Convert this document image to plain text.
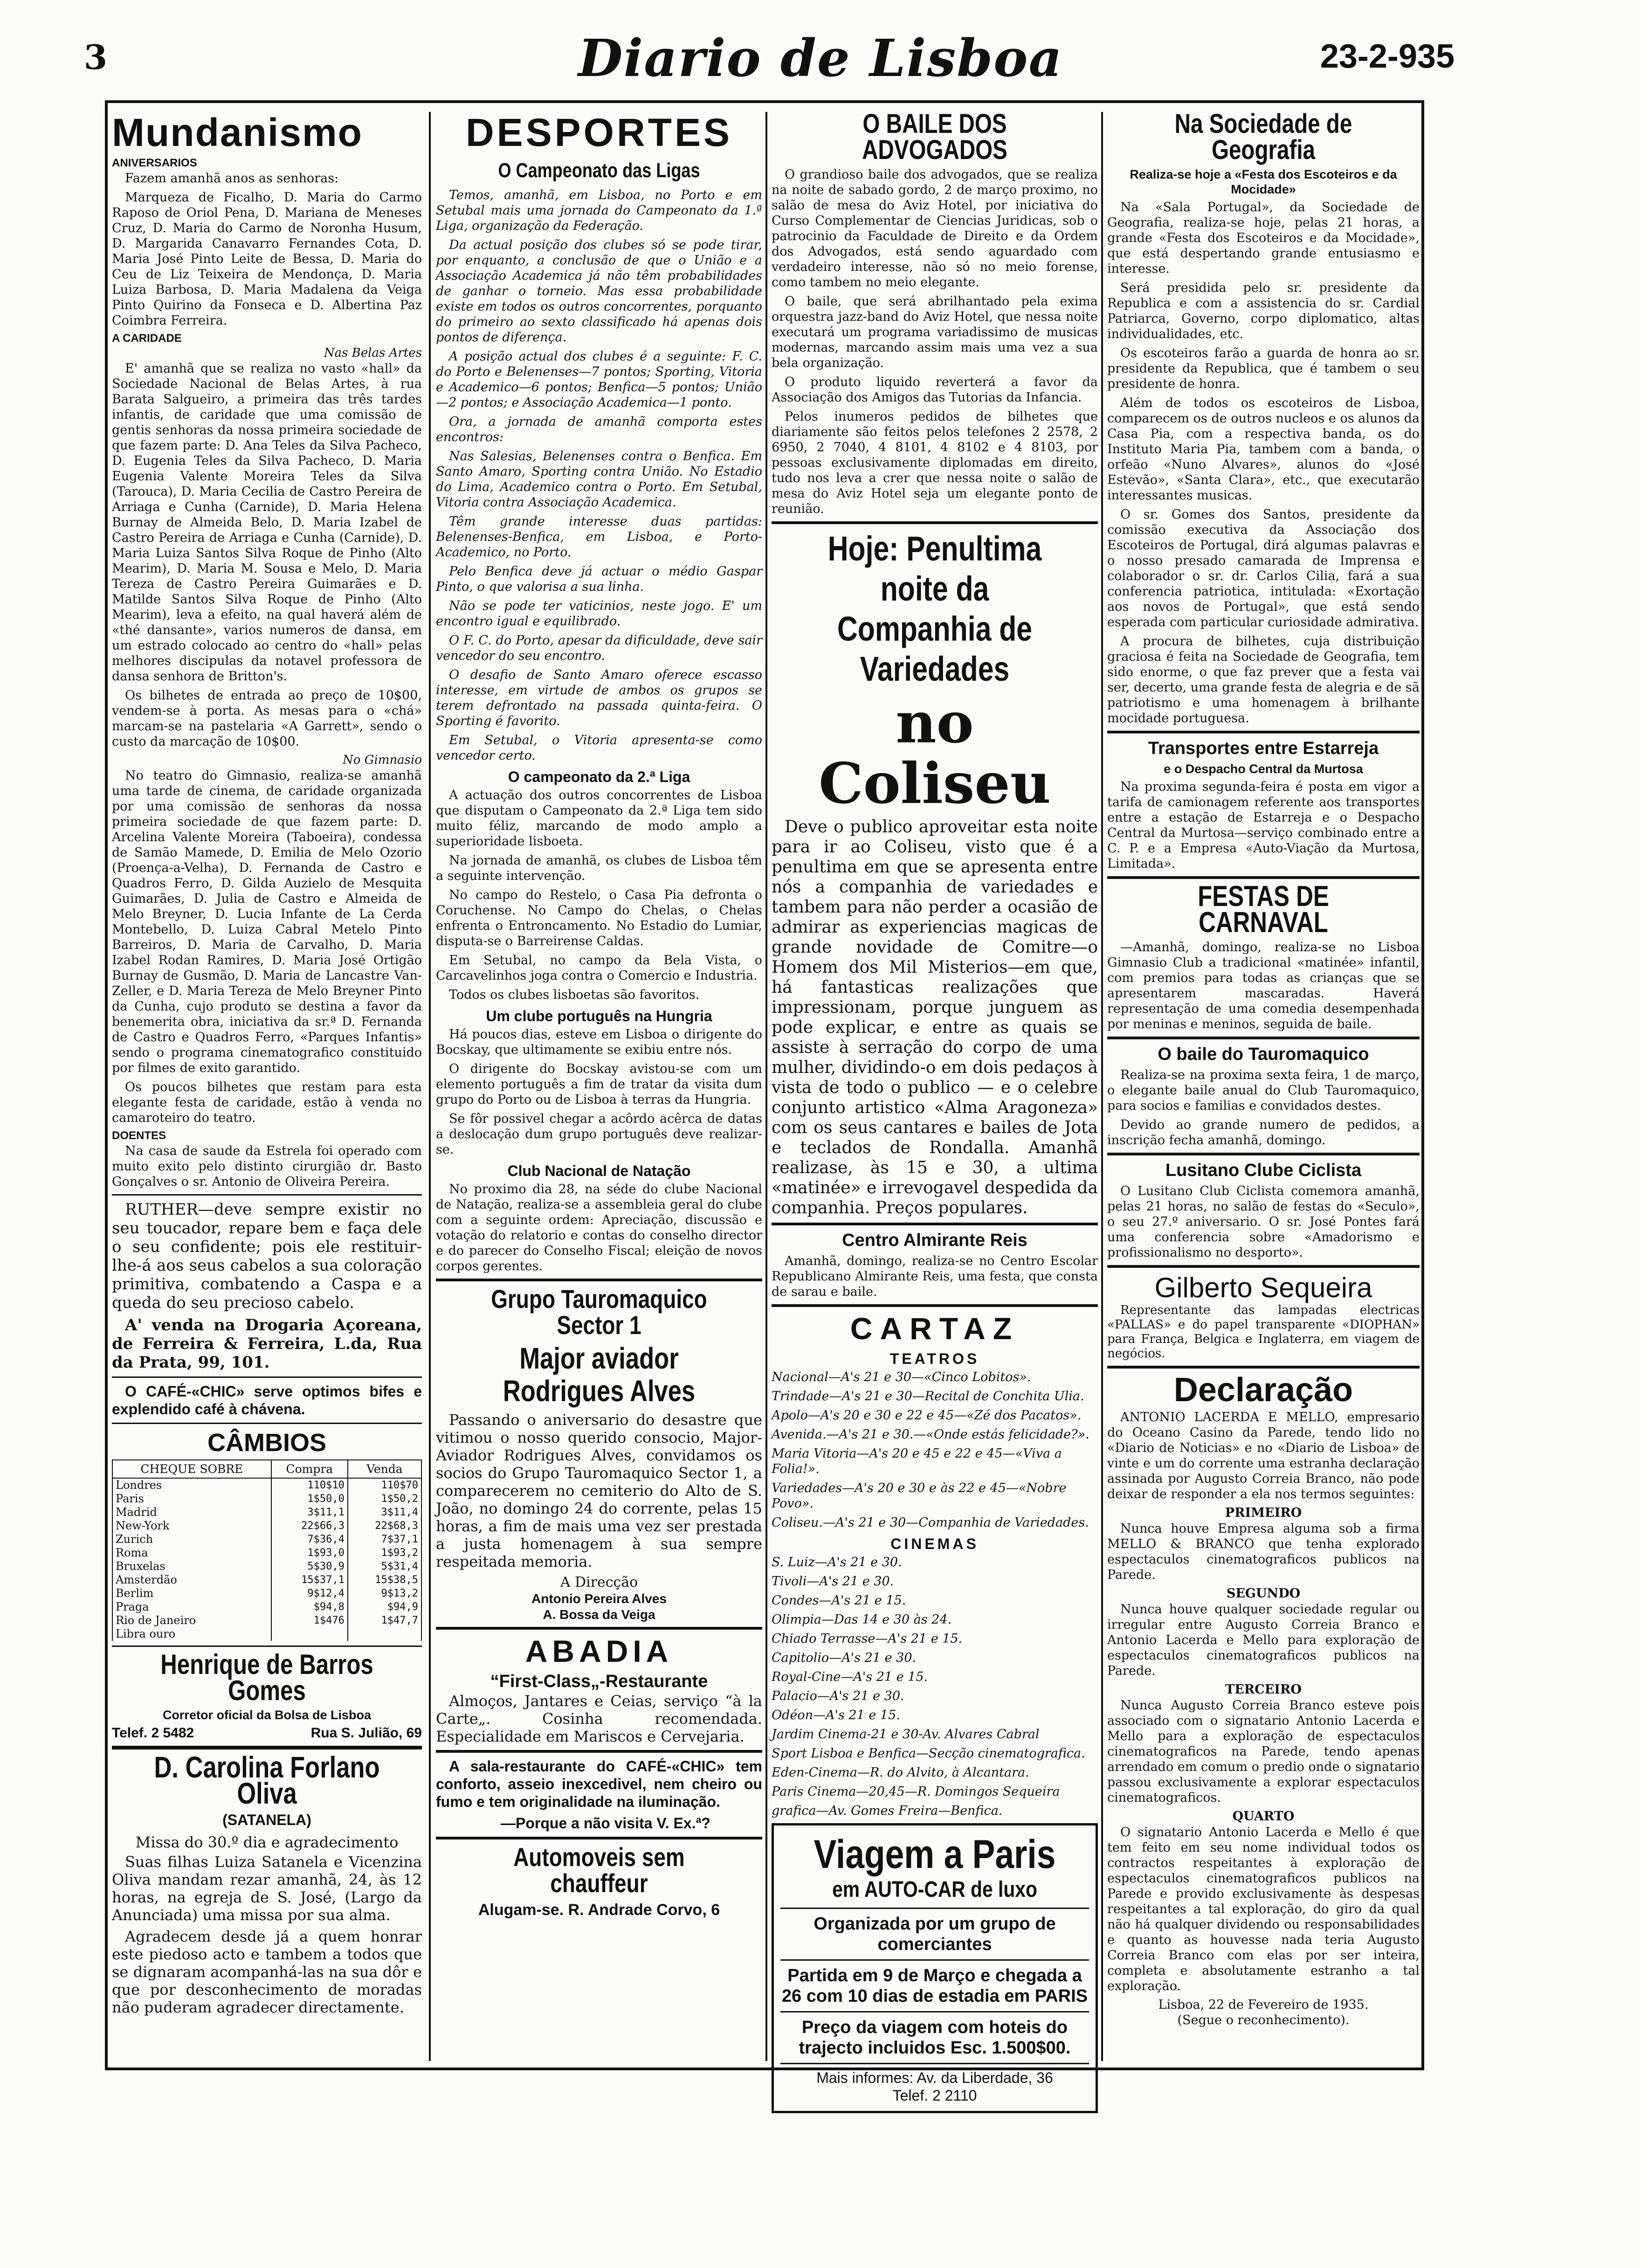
3	Diario de Lisboa	23-2-935
Mundanismo
ANIVERSARIOS

Fazem amanhã anos as senhoras:

Marqueza de Ficalho, D. Maria do Carmo Raposo de Oriol Pena, D. Mariana de Meneses Cruz, D. Maria do Carmo de Noronha Husum, D. Margarida Canavarro Fernandes Cota, D. Maria José Pinto Leite de Bessa, D. Maria do Ceu de Liz Teixeira de Mendonça, D. Maria Luiza Barbosa, D. Maria Madalena da Veiga Pinto Quirino da Fonseca e D. Albertina Paz Coimbra Ferreira.

A CARIDADE
Nas Belas Artes

E' amanhã que se realiza no vasto «hall» da Sociedade Nacional de Belas Artes, à rua Barata Salgueiro, a primeira das três tardes infantis, de caridade que uma comissão de gentis senhoras da nossa primeira sociedade de que fazem parte: D. Ana Teles da Silva Pacheco, D. Eugenia Teles da Silva Pacheco, D. Maria Eugenia Valente Moreira Teles da Silva (Tarouca), D. Maria Cecilia de Castro Pereira de Arriaga e Cunha (Carnide), D. Maria Helena Burnay de Almeida Belo, D. Maria Izabel de Castro Pereira de Arriaga e Cunha (Carnide), D. Maria Luiza Santos Silva Roque de Pinho (Alto Mearim), D. Maria M. Sousa e Melo, D. Maria Tereza de Castro Pereira Guimarães e D. Matilde Santos Silva Roque de Pinho (Alto Mearim), leva a efeito, na qual haverá além de «thé dansante», varios numeros de dansa, em um estrado colocado ao centro do «hall» pelas melhores discipulas da notavel professora de dansa senhora de Britton's.

Os bilhetes de entrada ao preço de 10$00, vendem-se à porta. As mesas para o «chá» marcam-se na pastelaria «A Garrett», sendo o custo da marcação de 10$00.

No Gimnasio

No teatro do Gimnasio, realiza-se amanhã uma tarde de cinema, de caridade organizada por uma comissão de senhoras da nossa primeira sociedade de que fazem parte: D. Arcelina Valente Moreira (Taboeira), condessa de Samão Mamede, D. Emilia de Melo Ozorio (Proença-a-Velha), D. Fernanda de Castro e Quadros Ferro, D. Gilda Auzielo de Mesquita Guimarães, D. Julia de Castro e Almeida de Melo Breyner, D. Lucia Infante de La Cerda Montebello, D. Luiza Cabral Metelo Pinto Barreiros, D. Maria de Carvalho, D. Maria Izabel Rodan Ramires, D. Maria José Ortigão Burnay de Gusmão, D. Maria de Lancastre Van-Zeller, e D. Maria Tereza de Melo Breyner Pinto da Cunha, cujo produto se destina a favor da benemerita obra, iniciativa da sr.ª D. Fernanda de Castro e Quadros Ferro, «Parques Infantis» sendo o programa cinematografico constituido por filmes de exito garantido.

Os poucos bilhetes que restam para esta elegante festa de caridade, estão à venda no camaroteiro do teatro.

DOENTES

Na casa de saude da Estrela foi operado com muito exito pelo distinto cirurgião dr. Basto Gonçalves o sr. Antonio de Oliveira Pereira.

RUTHER—deve sempre existir no seu toucador, repare bem e faça dele o seu confidente; pois ele restituir-lhe-á aos seus cabelos a sua coloração primitiva, combatendo a Caspa e a queda do seu precioso cabelo.

A' venda na Drogaria Açoreana, de Ferreira & Ferreira, L.da, Rua da Prata, 99, 101.

O CAFÉ-«CHIC» serve optimos bifes e explendido café à chávena.

CÂMBIOS
CHEQUE SOBRE	Compra	Venda
Londres	110$10	110$70
Paris	1$50,0	1$50,2
Madrid	3$11,1	3$11,4
New-York	22$66,3	22$68,3
Zurich	7$36,4	7$37,1
Roma	1$93,0	1$93,2
Bruxelas	5$30,9	5$31,4
Amsterdão	15$37,1	15$38,5
Berlim	9$12,4	9$13,2
Praga	$94,8	$94,9
Rio de Janeiro	1$476	1$47,7
Libra ouro		
Henrique de Barros Gomes
Corretor oficial da Bolsa de Lisboa
Telef. 2 5482	Rua S. Julião, 69
D. Carolina Forlano Oliva
(SATANELA)
Missa do 30.º dia e agradecimento

Suas filhas Luiza Satanela e Vicenzina Oliva mandam rezar amanhã, 24, às 12 horas, na egreja de S. José, (Largo da Anunciada) uma missa por sua alma.

Agradecem desde já a quem honrar este piedoso acto e tambem a todos que se dignaram acompanhá-las na sua dôr e que por desconhecimento de moradas não puderam agradecer directamente.

DESPORTES
O Campeonato das Ligas

Temos, amanhã, em Lisboa, no Porto e em Setubal mais uma jornada do Campeonato da 1.ª Liga, organização da Federação.

Da actual posição dos clubes só se pode tirar, por enquanto, a conclusão de que o União e a Associação Academica já não têm probabilidades de ganhar o torneio. Mas essa probabilidade existe em todos os outros concorrentes, porquanto do primeiro ao sexto classificado há apenas dois pontos de diferença.

A posição actual dos clubes é a seguinte: F. C. do Porto e Belenenses—7 pontos; Sporting, Vitoria e Academico—6 pontos; Benfica—5 pontos; União—2 pontos; e Associação Academica—1 ponto.

Ora, a jornada de amanhã comporta estes encontros:

Nas Salesias, Belenenses contra o Benfica. Em Santo Amaro, Sporting contra União. No Estadio do Lima, Academico contra o Porto. Em Setubal, Vitoria contra Associação Academica.

Têm grande interesse duas partidas: Belenenses-Benfica, em Lisboa, e Porto-Academico, no Porto.

Pelo Benfica deve já actuar o médio Gaspar Pinto, o que valorisa a sua linha.

Não se pode ter vaticinios, neste jogo. E' um encontro igual e equilibrado.

O F. C. do Porto, apesar da dificuldade, deve sair vencedor do seu encontro.

O desafio de Santo Amaro oferece escasso interesse, em virtude de ambos os grupos se terem defrontado na passada quinta-feira. O Sporting é favorito.

Em Setubal, o Vitoria apresenta-se como vencedor certo.

O campeonato da 2.ª Liga

A actuação dos outros concorrentes de Lisboa que disputam o Campeonato da 2.ª Liga tem sido muito féliz, marcando de modo amplo a superioridade lisboeta.

Na jornada de amanhã, os clubes de Lisboa têm a seguinte intervenção.

No campo do Restelo, o Casa Pia defronta o Coruchense. No Campo do Chelas, o Chelas enfrenta o Entroncamento. No Estadio do Lumiar, disputa-se o Barreirense Caldas.

Em Setubal, no campo da Bela Vista, o Carcavelinhos joga contra o Comercio e Industria.

Todos os clubes lisboetas são favoritos.

Um clube português na Hungria

Há poucos dias, esteve em Lisboa o dirigente do Bocskay, que ultimamente se exibiu entre nós.

O dirigente do Bocskay avistou-se com um elemento português a fim de tratar da visita dum grupo do Porto ou de Lisboa à terras da Hungria.

Se fôr possivel chegar a acôrdo acêrca de datas a deslocação dum grupo português deve realizar-se.

Club Nacional de Natação

No proximo dia 28, na séde do clube Nacional de Natação, realiza-se a assembleia geral do clube com a seguinte ordem: Apreciação, discussão e votação do relatorio e contas do conselho director e do parecer do Conselho Fiscal; eleição de novos corpos gerentes.

Grupo Tauromaquico Sector 1
Major aviador Rodrigues Alves

Passando o aniversario do desastre que vitimou o nosso querido consocio, Major-Aviador Rodrigues Alves, convidamos os socios do Grupo Tauromaquico Sector 1, a comparecerem no cemiterio do Alto de S. João, no domingo 24 do corrente, pelas 15 horas, a fim de mais uma vez ser prestada a justa homenagem à sua sempre respeitada memoria.

A Direcção
Antonio Pereira Alves
A. Bossa da Veiga
ABADIA
“First-Class„-Restaurante

Almoços, Jantares e Ceias, serviço “à la Carte„. Cosinha recomendada. Especialidade em Mariscos e Cervejaria.

A sala-restaurante do CAFÉ-«CHIC» tem conforto, asseio inexcedivel, nem cheiro ou fumo e tem originalidade na iluminação.

—Porque a não visita V. Ex.ª?

Automoveis sem chauffeur
Alugam-se. R. Andrade Corvo, 6
O BAILE DOS ADVOGADOS

O grandioso baile dos advogados, que se realiza na noite de sabado gordo, 2 de março proximo, no salão de mesa do Aviz Hotel, por iniciativa do Curso Complementar de Ciencias Juridicas, sob o patrocinio da Faculdade de Direito e da Ordem dos Advogados, está sendo aguardado com verdadeiro interesse, não só no meio forense, como tambem no meio elegante.

O baile, que será abrilhantado pela exima orquestra jazz-band do Aviz Hotel, que nessa noite executará um programa variadissimo de musicas modernas, marcando assim mais uma vez a sua bela organização.

O produto liquido reverterá a favor da Associação dos Amigos das Tutorias da Infancia.

Pelos inumeros pedidos de bilhetes que diariamente são feitos pelos telefones 2 2578, 2 6950, 2 7040, 4 8101, 4 8102 e 4 8103, por pessoas exclusivamente diplomadas em direito, tudo nos leva a crer que nessa noite o salão de mesa do Aviz Hotel seja um elegante ponto de reunião.

Hoje: Penultima noite da Companhia de Variedades
no Coliseu

Deve o publico aproveitar esta noite para ir ao Coliseu, visto que é a penultima em que se apresenta entre nós a companhia de variedades e tambem para não perder a ocasião de admirar as experiencias magicas de grande novidade de Comitre—o Homem dos Mil Misterios—em que, há fantasticas realizações que impressionam, porque junguem as pode explicar, e entre as quais se assiste à serração do corpo de uma mulher, dividindo-o em dois pedaços à vista de todo o publico — e o celebre conjunto artistico «Alma Aragoneza» com os seus cantares e bailes de Jota e teclados de Rondalla. Amanhã realizase, às 15 e 30, a ultima «matinée» e irrevogavel despedida da companhia. Preços populares.

Centro Almirante Reis

Amanhã, domingo, realiza-se no Centro Escolar Republicano Almirante Reis, uma festa, que consta de sarau e baile.

CARTAZ
TEATROS

Nacional—A's 21 e 30—«Cinco Lobitos».

Trindade—A's 21 e 30—Recital de Conchita Ulia.

Apolo—A's 20 e 30 e 22 e 45—«Zé dos Pacatos».

Avenida.—A's 21 e 30.—«Onde estás felicidade?».

Maria Vitoria—A's 20 e 45 e 22 e 45—«Viva a Folia!».

Variedades—A's 20 e 30 e às 22 e 45—«Nobre Povo».

Coliseu.—A's 21 e 30—Companhia de Variedades.

CINEMAS

S. Luiz—A's 21 e 30.

Tivoli—A's 21 e 30.

Condes—A's 21 e 15.

Olimpia—Das 14 e 30 às 24.

Chiado Terrasse—A's 21 e 15.

Capitolio—A's 21 e 30.

Royal-Cine—A's 21 e 15.

Palacio—A's 21 e 30.

Odéon—A's 21 e 15.

Jardim Cinema-21 e 30-Av. Alvares Cabral

Sport Lisboa e Benfica—Secção cinematografica.

Eden-Cinema—R. do Alvito, à Alcantara.

Paris Cinema—20,45—R. Domingos Sequeira

grafica—Av. Gomes Freira—Benfica.

Viagem a Paris
em AUTO-CAR de luxo
Organizada por um grupo de comerciantes
Partida em 9 de Março e chegada a 26 com 10 dias de estadia em PARIS
Preço da viagem com hoteis do trajecto incluidos Esc. 1.500$00.
Mais informes: Av. da Liberdade, 36
Telef. 2 2110
Na Sociedade de Geografia
Realiza-se hoje a «Festa dos Escoteiros e da Mocidade»

Na «Sala Portugal», da Sociedade de Geografia, realiza-se hoje, pelas 21 horas, a grande «Festa dos Escoteiros e da Mocidade», que está despertando grande entusiasmo e interesse.

Será presidida pelo sr. presidente da Republica e com a assistencia do sr. Cardial Patriarca, Governo, corpo diplomatico, altas individualidades, etc.

Os escoteiros farão a guarda de honra ao sr. presidente da Republica, que é tambem o seu presidente de honra.

Além de todos os escoteiros de Lisboa, comparecem os de outros nucleos e os alunos da Casa Pia, com a respectiva banda, os do Instituto Maria Pia, tambem com a banda, o orfeão «Nuno Alvares», alunos do «José Estevão», «Santa Clara», etc., que executarão interessantes musicas.

O sr. Gomes dos Santos, presidente da comissão executiva da Associação dos Escoteiros de Portugal, dirá algumas palavras e o nosso presado camarada de Imprensa e colaborador o sr. dr. Carlos Cilia, fará a sua conferencia patriotica, intitulada: «Exortação aos novos de Portugal», que está sendo esperada com particular curiosidade admirativa.

A procura de bilhetes, cuja distribuição graciosa é feita na Sociedade de Geografia, tem sido enorme, o que faz prever que a festa vai ser, decerto, uma grande festa de alegria e de sã patriotismo e uma homenagem à brilhante mocidade portuguesa.

Transportes entre Estarreja
e o Despacho Central da Murtosa

Na proxima segunda-feira é posta em vigor a tarifa de camionagem referente aos transportes entre a estação de Estarreja e o Despacho Central da Murtosa—serviço combinado entre a C. P. e a Empresa «Auto-Viação da Murtosa, Limitada».

FESTAS DE CARNAVAL

—Amanhã, domingo, realiza-se no Lisboa Gimnasio Club a tradicional «matinée» infantil, com premios para todas as crianças que se apresentarem mascaradas. Haverá representação de uma comedia desempenhada por meninas e meninos, seguida de baile.

O baile do Tauromaquico

Realiza-se na proxima sexta feira, 1 de março, o elegante baile anual do Club Tauromaquico, para socios e familias e convidados destes.

Devido ao grande numero de pedidos, a inscrição fecha amanhã, domingo.

Lusitano Clube Ciclista

O Lusitano Club Ciclista comemora amanhã, pelas 21 horas, no salão de festas do «Seculo», o seu 27.º aniversario. O sr. José Pontes fará uma conferencia sobre «Amadorismo e profissionalismo no desporto».

Gilberto Sequeira

Representante das lampadas electricas «PALLAS» e do papel transparente «DIOPHAN» para França, Belgica e Inglaterra, em viagem de negócios.

Declaração

ANTONIO LACERDA E MELLO, empresario do Oceano Casino da Parede, tendo lido no «Diario de Noticias» e no «Diario de Lisboa» de vinte e um do corrente uma estranha declaração assinada por Augusto Correia Branco, não pode deixar de responder a ela nos termos seguintes:

PRIMEIRO

Nunca houve Empresa alguma sob a firma MELLO & BRANCO que tenha explorado espectaculos cinematograficos publicos na Parede.

SEGUNDO

Nunca houve qualquer sociedade regular ou irregular entre Augusto Correia Branco e Antonio Lacerda e Mello para exploração de espectaculos cinematograficos publicos na Parede.

TERCEIRO

Nunca Augusto Correia Branco esteve pois associado com o signatario Antonio Lacerda e Mello para a exploração de espectaculos cinematograficos na Parede, tendo apenas arrendado em comum o predio onde o signatario passou exclusivamente a explorar espectaculos cinematograficos.

QUARTO

O signatario Antonio Lacerda e Mello é que tem feito em seu nome individual todos os contractos respeitantes à exploração de espectaculos cinematograficos publicos na Parede e provido exclusivamente às despesas respeitantes a tal exploração, do giro da qual não há qualquer dividendo ou responsabilidades e quanto as houvesse nada teria Augusto Correia Branco com elas por ser inteira, completa e absolutamente estranho a tal exploração.

Lisboa, 22 de Fevereiro de 1935.
(Segue o reconhecimento).
